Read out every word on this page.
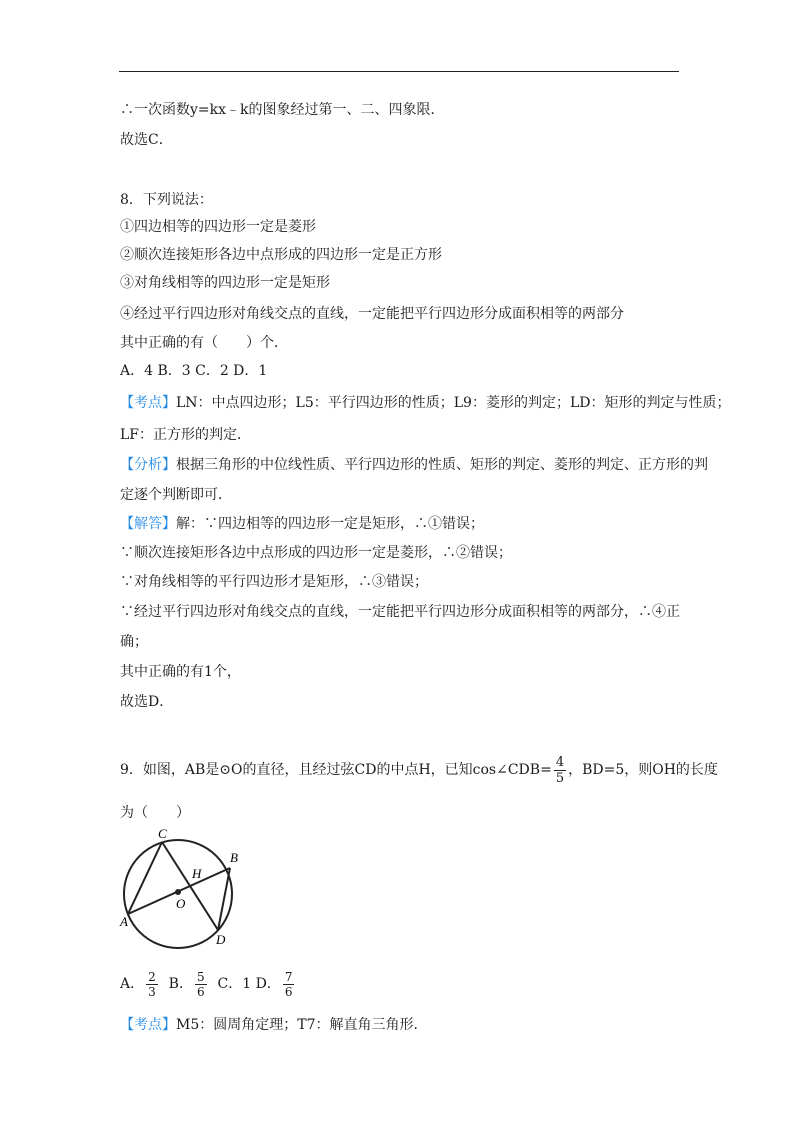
∴一次函数y=kx﹣k的图象经过第一、二、四象限．
故选C．
8．下列说法：
①四边相等的四边形一定是菱形
②顺次连接矩形各边中点形成的四边形一定是正方形
③对角线相等的四边形一定是矩形
④经过平行四边形对角线交点的直线，一定能把平行四边形分成面积相等的两部分
其中正确的有（　　）个．
A．4 B．3 C．2 D．1
【考点】LN：中点四边形；L5：平行四边形的性质；L9：菱形的判定；LD：矩形的判定与性质；
LF：正方形的判定．
【分析】根据三角形的中位线性质、平行四边形的性质、矩形的判定、菱形的判定、正方形的判
定逐个判断即可．
【解答】解：∵四边相等的四边形一定是矩形，∴①错误；
∵顺次连接矩形各边中点形成的四边形一定是菱形，∴②错误；
∵对角线相等的平行四边形才是矩形，∴③错误；
∵经过平行四边形对角线交点的直线，一定能把平行四边形分成面积相等的两部分，∴④正
确；
其中正确的有1个，
故选D．
9．如图，AB是⊙O的直径，且经过弦CD的中点H，已知cos∠CDB= $\frac{4}{5}$ ，BD=5，则OH的长度
为（　　）
C
B
H
O
A
D
A． $\frac{2}{3}$ B． $\frac{5}{6}$ C．1 D． $\frac{7}{6}$
【考点】M5：圆周角定理；T7：解直角三角形．
